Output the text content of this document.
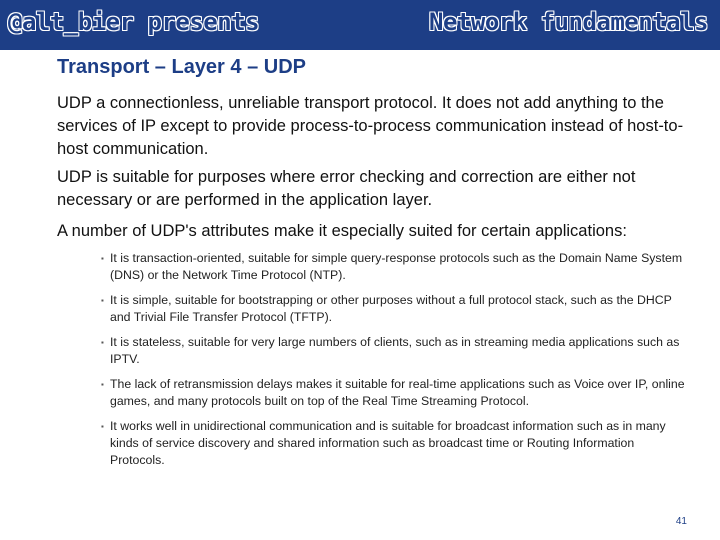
@alt_bier presents	Network fundamentals
Transport – Layer 4 – UDP

UDP a connectionless, unreliable transport protocol. It does not add anything to the services of IP except to provide process-to-process communication instead of host-to-host communication.

UDP is suitable for purposes where error checking and correction are either not necessary or are performed in the application layer.

A number of UDP's attributes make it especially suited for certain applications:

▪ It is transaction-oriented, suitable for simple query-response protocols such as the Domain Name System (DNS) or the Network Time Protocol (NTP).
▪ It is simple, suitable for bootstrapping or other purposes without a full protocol stack, such as the DHCP and Trivial File Transfer Protocol (TFTP).
▪ It is stateless, suitable for very large numbers of clients, such as in streaming media applications such as IPTV.
▪ The lack of retransmission delays makes it suitable for real-time applications such as Voice over IP, online games, and many protocols built on top of the Real Time Streaming Protocol.
▪ It works well in unidirectional communication and is suitable for broadcast information such as in many kinds of service discovery and shared information such as broadcast time or Routing Information Protocols.
41
